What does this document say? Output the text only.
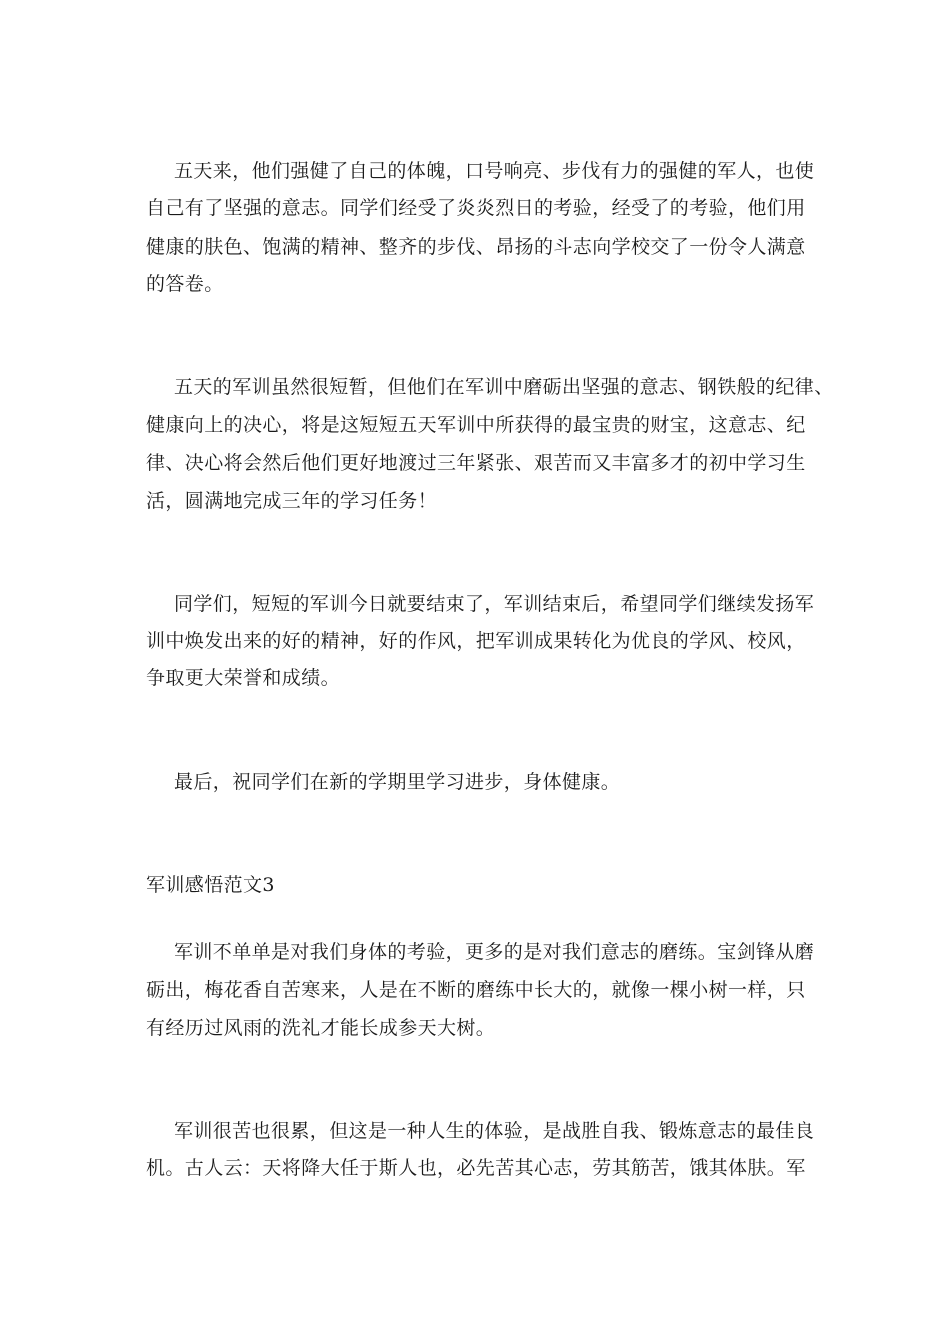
五天来，他们强健了自己的体魄，口号响亮、步伐有力的强健的军人，也使
自己有了坚强的意志。同学们经受了炎炎烈日的考验，经受了的考验，他们用
健康的肤色、饱满的精神、整齐的步伐、昂扬的斗志向学校交了一份令人满意
的答卷。
五天的军训虽然很短暂，但他们在军训中磨砺出坚强的意志、钢铁般的纪律、
健康向上的决心，将是这短短五天军训中所获得的最宝贵的财宝，这意志、纪
律、决心将会然后他们更好地渡过三年紧张、艰苦而又丰富多才的初中学习生
活，圆满地完成三年的学习任务！
同学们，短短的军训今日就要结束了，军训结束后，希望同学们继续发扬军
训中焕发出来的好的精神，好的作风，把军训成果转化为优良的学风、校风，
争取更大荣誉和成绩。
最后，祝同学们在新的学期里学习进步，身体健康。
军训感悟范文3
军训不单单是对我们身体的考验，更多的是对我们意志的磨练。宝剑锋从磨
砺出，梅花香自苦寒来，人是在不断的磨练中长大的，就像一棵小树一样，只
有经历过风雨的洗礼才能长成参天大树。
军训很苦也很累，但这是一种人生的体验，是战胜自我、锻炼意志的最佳良
机。古人云：天将降大任于斯人也，必先苦其心志，劳其筋苦，饿其体肤。军
